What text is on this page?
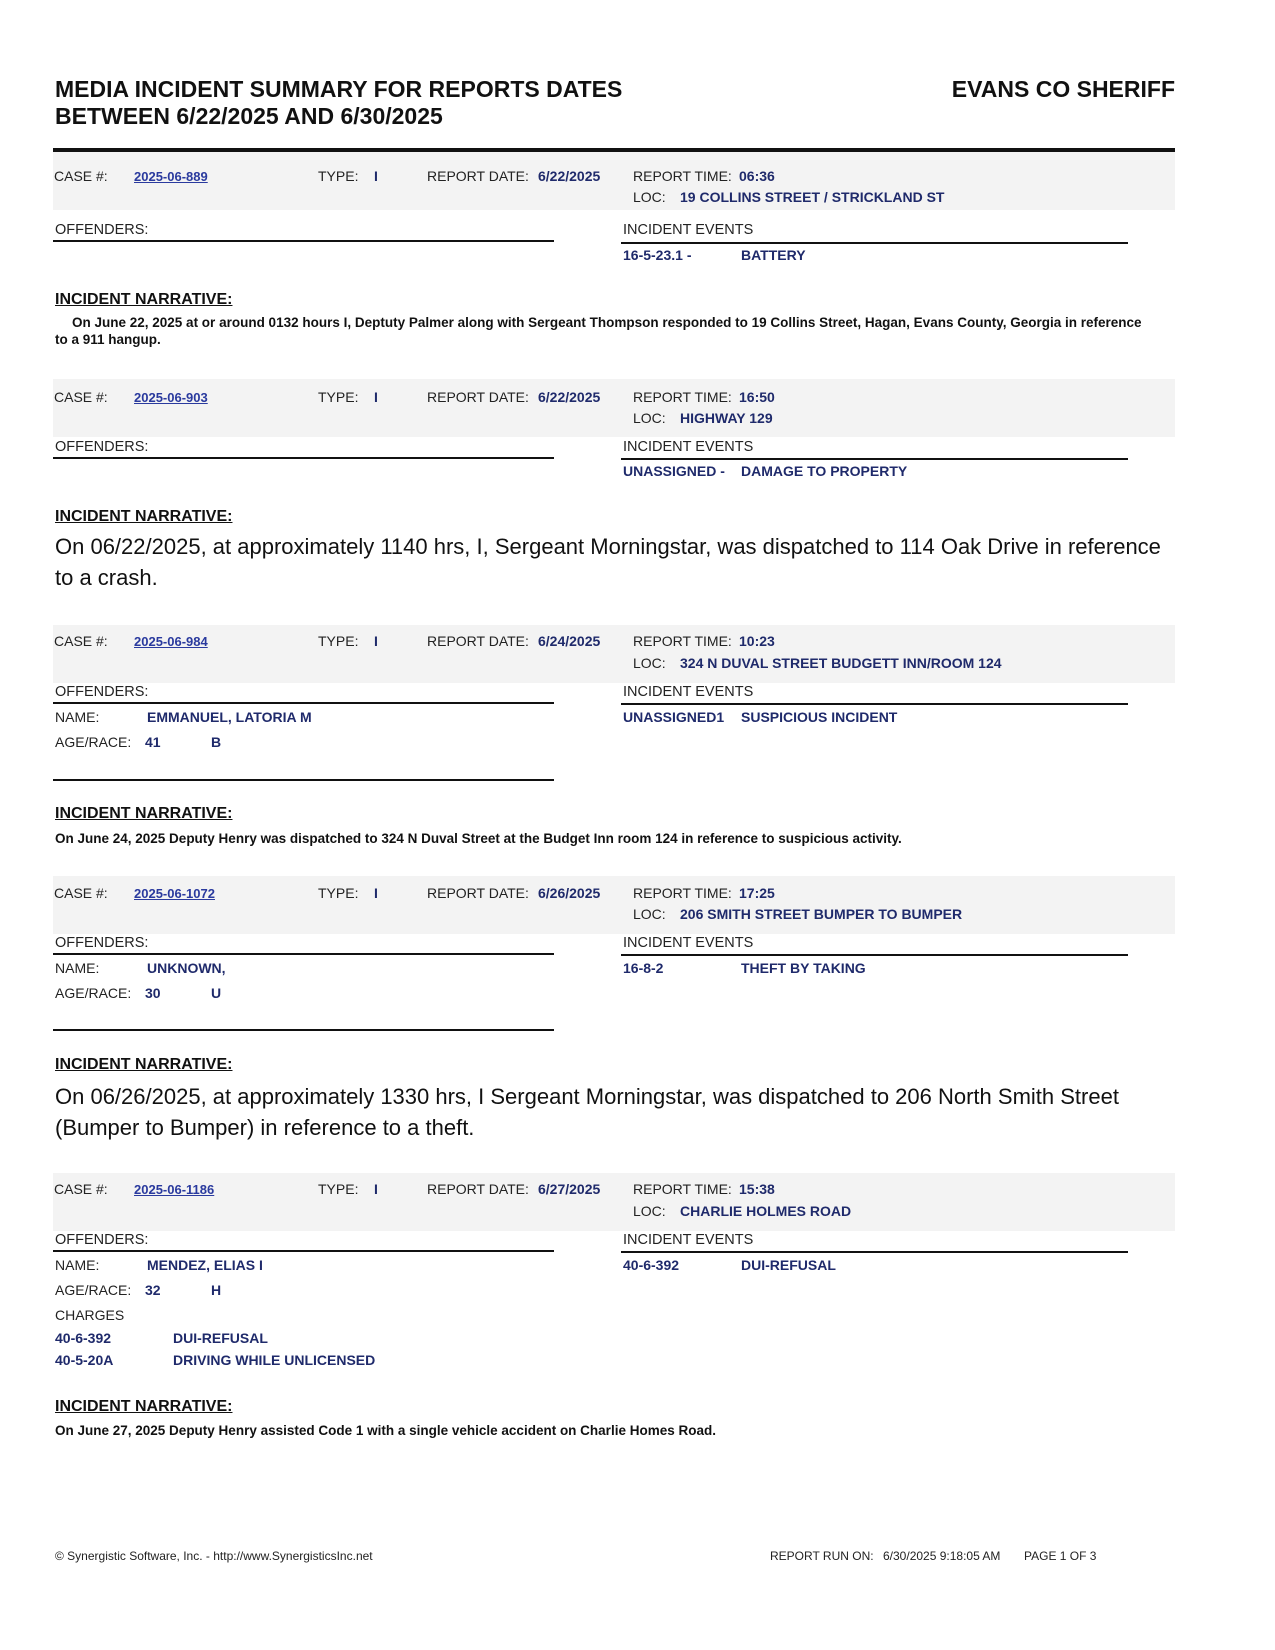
MEDIA INCIDENT SUMMARY FOR REPORTS DATES
BETWEEN 6/22/2025 AND 6/30/2025
EVANS CO SHERIFF
CASE #: 2025-06-889	TYPE: I	REPORT DATE: 6/22/2025 REPORT TIME: 06:36
LOC: 19 COLLINS STREET / STRICKLAND ST
OFFENDERS:	INCIDENT EVENTS
16-5-23.1 -	BATTERY
INCIDENT NARRATIVE:
On June 22, 2025 at or around 0132 hours I, Deptuty Palmer along with Sergeant Thompson responded to 19 Collins Street, Hagan, Evans County, Georgia in reference to a 911 hangup.
CASE #: 2025-06-903	TYPE: I	REPORT DATE: 6/22/2025 REPORT TIME: 16:50
LOC: HIGHWAY 129
OFFENDERS:	INCIDENT EVENTS
UNASSIGNED - DAMAGE TO PROPERTY
INCIDENT NARRATIVE:
On 06/22/2025, at approximately 1140 hrs, I, Sergeant Morningstar, was dispatched to 114 Oak Drive in reference to a crash.
CASE #: 2025-06-984	TYPE: I	REPORT DATE: 6/24/2025 REPORT TIME: 10:23
LOC: 324 N DUVAL STREET BUDGETT INN/ROOM 124
OFFENDERS:
NAME:	EMMANUEL, LATORIA M
AGE/RACE: 41	B
INCIDENT EVENTS
UNASSIGNED1 SUSPICIOUS INCIDENT
INCIDENT NARRATIVE:
On June 24, 2025 Deputy Henry was dispatched to 324 N Duval Street at the Budget Inn room 124 in reference to suspicious activity.
CASE #: 2025-06-1072	TYPE: I	REPORT DATE: 6/26/2025 REPORT TIME: 17:25
LOC: 206 SMITH STREET BUMPER TO BUMPER
OFFENDERS:
NAME:	UNKNOWN,
AGE/RACE: 30	U
INCIDENT EVENTS
16-8-2	THEFT BY TAKING
INCIDENT NARRATIVE:
On 06/26/2025, at approximately 1330 hrs, I Sergeant Morningstar, was dispatched to 206 North Smith Street (Bumper to Bumper) in reference to a theft.
CASE #: 2025-06-1186	TYPE: I	REPORT DATE: 6/27/2025 REPORT TIME: 15:38
LOC: CHARLIE HOLMES ROAD
OFFENDERS:
NAME:	MENDEZ, ELIAS I
AGE/RACE: 32	H
CHARGES
40-6-392	DUI-REFUSAL
40-5-20A	DRIVING WHILE UNLICENSED
INCIDENT EVENTS
40-6-392	DUI-REFUSAL
INCIDENT NARRATIVE:
On June 27, 2025 Deputy Henry assisted Code 1 with a single vehicle accident on Charlie Homes Road.
© Synergistic Software, Inc. - http://www.SynergisticsInc.net	REPORT RUN ON: 6/30/2025 9:18:05 AM PAGE 1 OF 3
